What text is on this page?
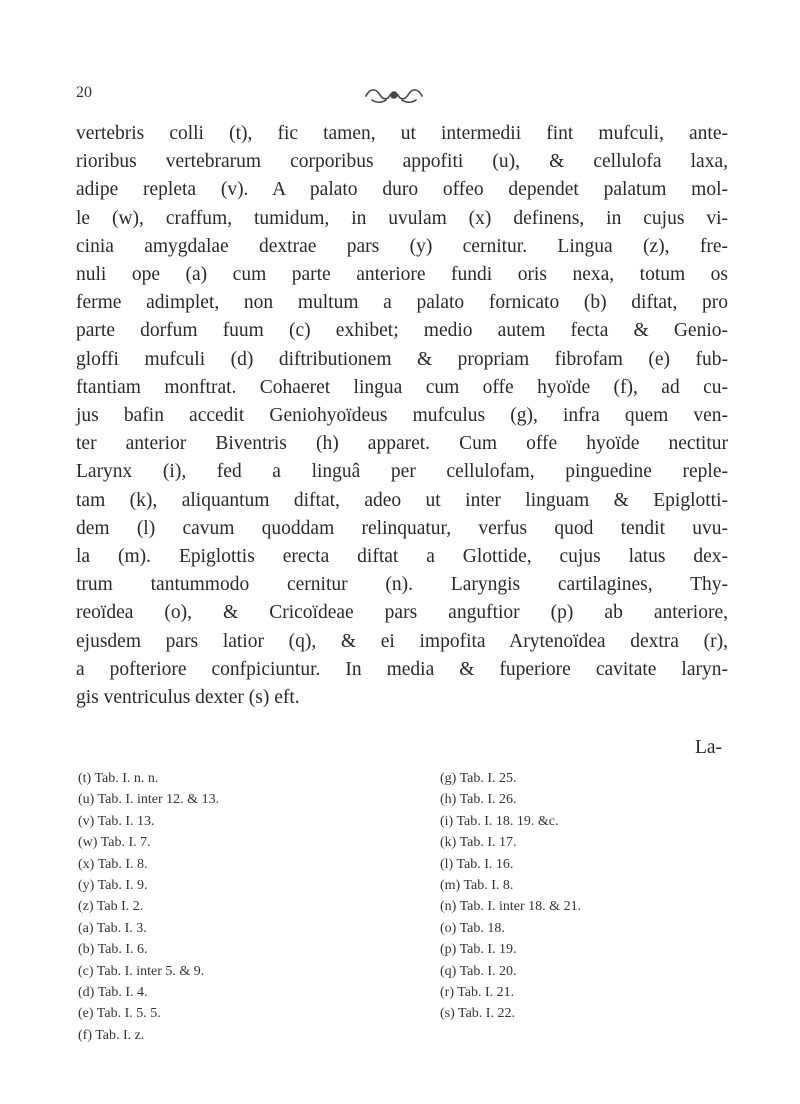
20
vertebris colli (t), fic tamen, ut intermedii fint mufculi, ante-
rioribus vertebrarum corporibus appofiti (u), & cellulofa laxa,
adipe repleta (v). A palato duro offeo dependet palatum mol-
le (w), craffum, tumidum, in uvulam (x) definens, in cujus vi-
cinia amygdalae dextrae pars (y) cernitur. Lingua (z), fre-
nuli ope (a) cum parte anteriore fundi oris nexa, totum os
ferme adimplet, non multum a palato fornicato (b) diftat, pro
parte dorfum fuum (c) exhibet; medio autem fecta & Genio-
gloffi mufculi (d) diftributionem & propriam fibrofam (e) fub-
ftantiam monftrat. Cohaeret lingua cum offe hyoïde (f), ad cu-
jus bafin accedit Geniohyoïdeus mufculus (g), infra quem ven-
ter anterior Biventris (h) apparet. Cum offe hyoïde nectitur
Larynx (i), fed a linguâ per cellulofam, pinguedine reple-
tam (k), aliquantum diftat, adeo ut inter linguam & Epiglotti-
dem (l) cavum quoddam relinquatur, verfus quod tendit uvu-
la (m). Epiglottis erecta diftat a Glottide, cujus latus dex-
trum tantummodo cernitur (n). Laryngis cartilagines, Thy-
reoïdea (o), & Cricoïdeae pars anguftior (p) ab anteriore,
ejusdem pars latior (q), & ei impofita Arytenoïdea dextra (r),
a pofteriore confpiciuntur. In media & fuperiore cavitate laryn-
gis ventriculus dexter (s) eft.
La-
(t) Tab. I. n. n.
(u) Tab. I. inter 12. & 13.
(v) Tab. I. 13.
(w) Tab. I. 7.
(x) Tab. I. 8.
(y) Tab. I. 9.
(z) Tab I. 2.
(a) Tab. I. 3.
(b) Tab. I. 6.
(c) Tab. I. inter 5. & 9.
(d) Tab. I. 4.
(e) Tab. I. 5. 5.
(f) Tab. I. z.
(g) Tab. I. 25.
(h) Tab. I. 26.
(i) Tab. I. 18. 19. &c.
(k) Tab. I. 17.
(l) Tab. I. 16.
(m) Tab. I. 8.
(n) Tab. I. inter 18. & 21.
(o) Tab. 18.
(p) Tab. I. 19.
(q) Tab. I. 20.
(r) Tab. I. 21.
(s) Tab. I. 22.
